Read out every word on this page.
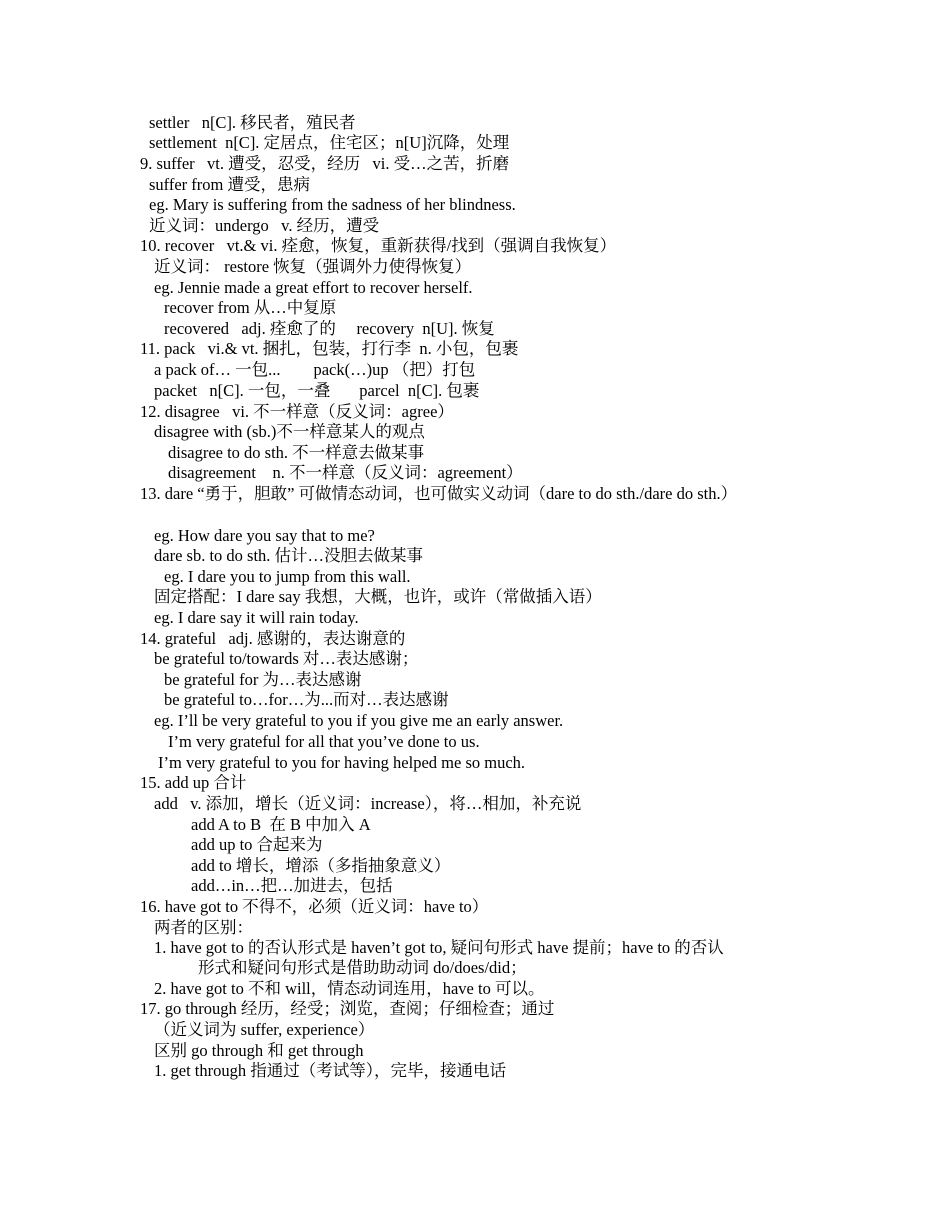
settler   n[C]. 移民者，殖民者
settlement  n[C]. 定居点，住宅区；n[U]沉降，处理
9. suffer   vt. 遭受，忍受，经历   vi. 受…之苦，折磨
suffer from 遭受，患病
eg. Mary is suffering from the sadness of her blindness.
近义词：undergo   v. 经历，遭受
10. recover   vt.& vi. 痊愈，恢复，重新获得/找到（强调自我恢复）
近义词： restore 恢复（强调外力使得恢复）
eg. Jennie made a great effort to recover herself.
recover from 从…中复原
recovered   adj. 痊愈了的     recovery  n[U]. 恢复
11. pack   vi.& vt. 捆扎，包装，打行李  n. 小包，包裹
a pack of… 一包...        pack(…)up （把）打包
packet   n[C]. 一包，一叠       parcel  n[C]. 包裹
12. disagree   vi. 不一样意（反义词：agree）
disagree with (sb.)不一样意某人的观点
disagree to do sth. 不一样意去做某事
disagreement    n. 不一样意（反义词：agreement）
13. dare “勇于，胆敢” 可做情态动词，也可做实义动词（dare to do sth./dare do sth.）
eg. How dare you say that to me?
dare sb. to do sth. 估计…没胆去做某事
eg. I dare you to jump from this wall.
固定搭配：I dare say 我想，大概，也许，或许（常做插入语）
eg. I dare say it will rain today.
14. grateful   adj. 感谢的，表达谢意的
be grateful to/towards 对…表达感谢；
be grateful for 为…表达感谢
be grateful to…for…为...而对…表达感谢
eg. I’ll be very grateful to you if you give me an early answer.
I’m very grateful for all that you’ve done to us.
I’m very grateful to you for having helped me so much.
15. add up 合计
add   v. 添加，增长（近义词：increase），将…相加，补充说
add A to B  在 B 中加入 A
add up to 合起来为
add to 增长，增添（多指抽象意义）
add…in…把…加进去，包括
16. have got to 不得不，必须（近义词：have to）
两者的区别：
1. have got to 的否认形式是 haven’t got to, 疑问句形式 have 提前；have to 的否认
形式和疑问句形式是借助助动词 do/does/did；
2. have got to 不和 will，情态动词连用，have to 可以。
17. go through 经历，经受；浏览，查阅；仔细检查；通过
（近义词为 suffer, experience）
区别 go through 和 get through
1. get through 指通过（考试等），完毕，接通电话
